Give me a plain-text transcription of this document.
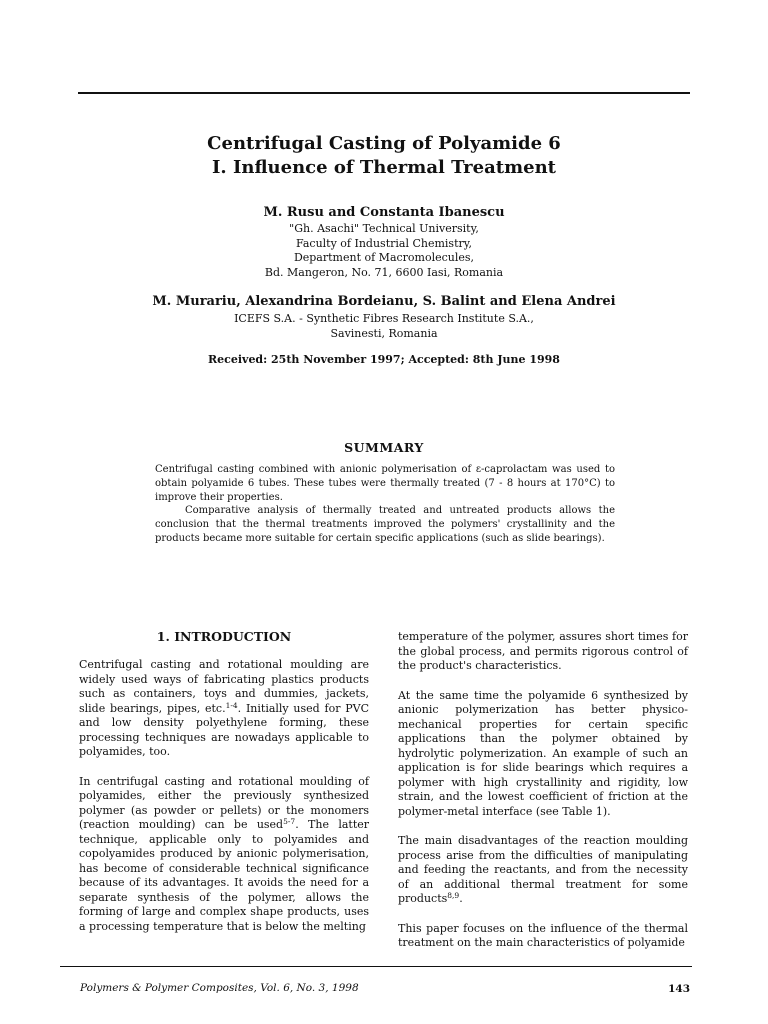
Centrifugal Casting of Polyamide 6
I. Influence of Thermal Treatment
M. Rusu and Constanta Ibanescu
"Gh. Asachi" Technical University,
Faculty of Industrial Chemistry,
Department of Macromolecules,
Bd. Mangeron, No. 71, 6600 Iasi, Romania
M. Murariu, Alexandrina Bordeianu, S. Balint and Elena Andrei
ICEFS S.A. - Synthetic Fibres Research Institute S.A.,
Savinesti, Romania
Received: 25th November 1997; Accepted: 8th June 1998
SUMMARY

Centrifugal casting combined with anionic polymerisation of ε-caprolactam was used to obtain polyamide 6 tubes. These tubes were thermally treated (7 - 8 hours at 170°C) to improve their properties.

Comparative analysis of thermally treated and untreated products allows the conclusion that the thermal treatments improved the polymers' crystallinity and the products became more suitable for certain specific applications (such as slide bearings).

1. INTRODUCTION

Centrifugal casting and rotational moulding are widely used ways of fabricating plastics products such as containers, toys and dummies, jackets, slide bearings, pipes, etc.$^{1-4}$. Initially used for PVC and low density polyethylene forming, these processing techniques are nowadays applicable to polyamides, too.

In centrifugal casting and rotational moulding of polyamides, either the previously synthesized polymer (as powder or pellets) or the monomers (reaction moulding) can be used$^{5-7}$. The latter technique, applicable only to polyamides and copolyamides produced by anionic polymerisation, has become of considerable technical significance because of its advantages. It avoids the need for a separate synthesis of the polymer, allows the forming of large and complex shape products, uses a processing temperature that is below the melting

temperature of the polymer, assures short times for the global process, and permits rigorous control of the product's characteristics.

At the same time the polyamide 6 synthesized by anionic polymerization has better physico-mechanical properties for certain specific applications than the polymer obtained by hydrolytic polymerization. An example of such an application is for slide bearings which requires a polymer with high crystallinity and rigidity, low strain, and the lowest coefficient of friction at the polymer-metal interface (see Table 1).

The main disadvantages of the reaction moulding process arise from the difficulties of manipulating and feeding the reactants, and from the necessity of an additional thermal treatment for some products$^{8,9}$.

This paper focuses on the influence of the thermal treatment on the main characteristics of polyamide

Polymers & Polymer Composites, Vol. 6, No. 3, 1998	143
